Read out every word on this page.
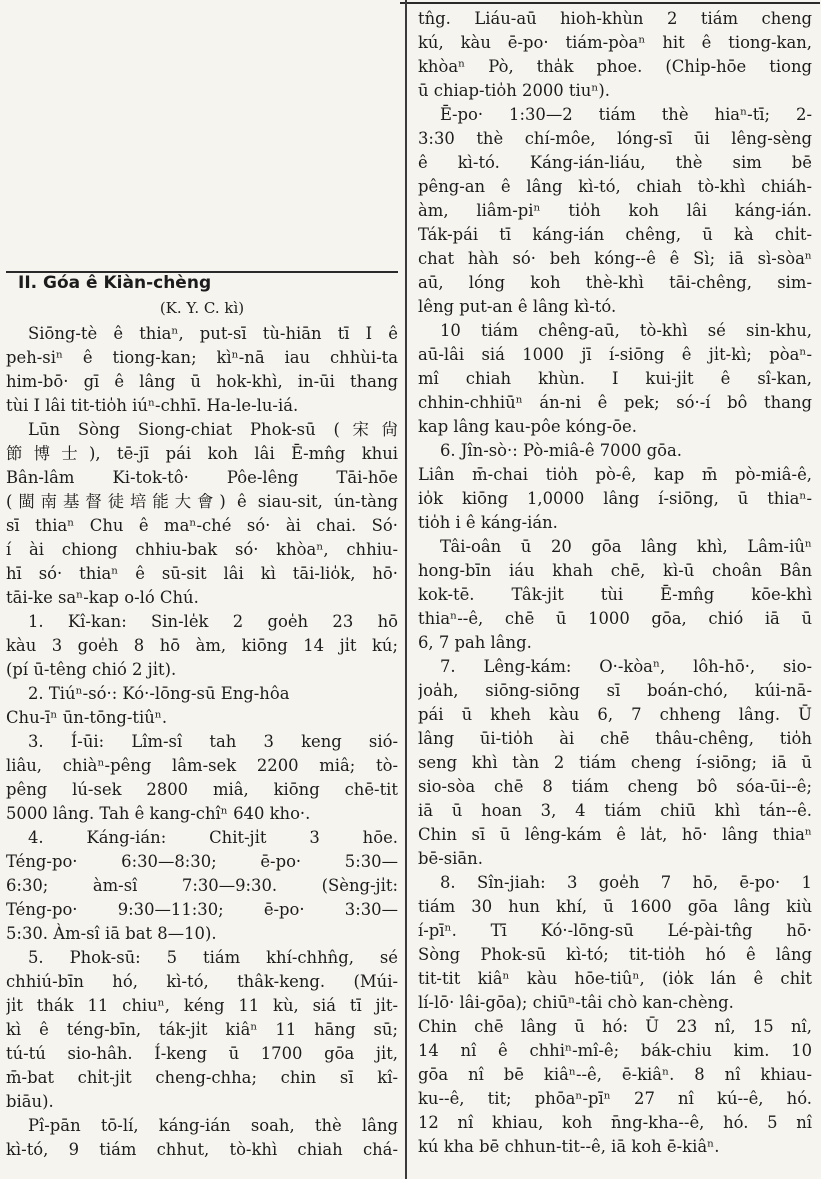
II. Góa ê Kiàn-chèng
(K. Y. C. kì)
Siōng-tè ê thiaⁿ, put-sī tù-hiān tī I ê
peh-siⁿ ê tiong-kan; kìⁿ-nā iau chhùi-ta
him-bō· gī ê lâng ū hok-khì, in-ūi thang
tùi I lâi tit-tio̍h iúⁿ-chhī. Ha-le-lu-iá.
Lūn Sòng Siong-chiat Phok-sū (宋尙
節博士), tē-jī pái koh lâi Ē-mn̂g khui
Bân-lâm Ki-tok-tô· Pôe-lêng Tāi-hōe
(閩南基督徒培能大會) ê siau-sit, ún-tàng
sī thiaⁿ Chu ê maⁿ-ché só· ài chai. Só·
í ài chiong chhiu-bak só· khòaⁿ, chhiu-
hī só· thiaⁿ ê sū-sit lâi kì tāi-lio̍k, hō·
tāi-ke saⁿ-kap o-ló Chú.
1. Kî-kan: Sin-le̍k 2 goe̍h 23 hō
kàu 3 goe̍h 8 hō àm, kiōng 14 ji̍t kú;
(pí ū-têng chió 2 ji̍t).
2. Tiúⁿ-só·: Kó·-lōng-sū Eng-hôa
Chu-īⁿ ūn-tōng-tiûⁿ.
3. Í-ūi: Lîm-sî tah 3 keng sió-
liâu, chiàⁿ-pêng lâm-sek 2200 miâ; tò-
pêng lú-sek 2800 miâ, kiōng chē-tit
5000 lâng. Tah ê kang-chîⁿ 640 kho·.
4. Káng-ián: Chit-ji̍t 3 hōe.
Téng-po· 6:30—8:30; ē-po· 5:30—
6:30; àm-sî 7:30—9:30. (Sèng-ji̍t:
Téng-po· 9:30—11:30; ē-po· 3:30—
5:30. Àm-sî iā bat 8—10).
5. Phok-sū: 5 tiám khí-chhn̂g, sé
chhiú-bīn hó, kì-tó, thâk-keng. (Múi-
ji̍t thák 11 chiuⁿ, kéng 11 kù, siá tī ji̍t-
kì ê téng-bīn, ták-ji̍t kiâⁿ 11 hāng sū;
tú-tú sio-hâh. Í-keng ū 1700 gōa ji̍t,
m̄-bat chi̍t-ji̍t cheng-chha; chin sī kî-
biāu).
Pî-pān tō-lí, káng-ián soah, thè lâng
kì-tó, 9 tiám chhut, tò-khì chiah chá-
tn̂g. Liáu-aū hioh-khùn 2 tiám cheng
kú, kàu ē-po· tiám-pòaⁿ hit ê tiong-kan,
khòaⁿ Pò, tha̍k phoe. (Chi̍p-hōe tiong
ū chiap-tio̍h 2000 tiuⁿ).
Ē-po· 1:30—2 tiám thè hiaⁿ-tī; 2-
3:30 thè chí-môe, lóng-sī ūi lêng-sèng
ê kì-tó. Káng-ián-liáu, thè sim bē
pêng-an ê lâng kì-tó, chiah tò-khì chiáh-
àm, liâm-piⁿ tio̍h koh lâi káng-ián.
Ták-pái tī káng-ián chêng, ū kà chi̍t-
chat hàh só· beh kóng--ê ê Sì; iā sì-sòaⁿ
aū, lóng koh thè-khì tāi-chêng, sim-
lêng put-an ê lâng kì-tó.
10 tiám chêng-aū, tò-khì sé sin-khu,
aū-lâi siá 1000 jī í-siōng ê ji̍t-kì; pòaⁿ-
mî chiah khùn. I kui-ji̍t ê sî-kan,
chhin-chhiūⁿ án-ni ê pek; só·-í bô thang
kap lâng kau-pôe kóng-ōe.
6. Jîn-sò·: Pò-miâ-ê 7000 gōa.
Liân m̄-chai tio̍h pò-ê, kap m̄ pò-miâ-ê,
io̍k kiōng 1,0000 lâng í-siōng, ū thiaⁿ-
tio̍h i ê káng-ián.
Tâi-oân ū 20 gōa lâng khì, Lâm-iûⁿ
hong-bīn iáu khah chē, kì-ū choân Bân
kok-tē. Tâk-ji̍t tùi Ē-mn̂g kōe-khì
thiaⁿ--ê, chē ū 1000 gōa, chió iā ū
6, 7 pah lâng.
7. Lêng-kám: O·-kòaⁿ, lôh-hō·, sio-
joa̍h, siōng-siōng sī boán-chó, kúi-nā-
pái ū kheh kàu 6, 7 chheng lâng. Ū
lâng ūi-tio̍h ài chē thâu-chêng, tio̍h
seng khì tàn 2 tiám cheng í-siōng; iā ū
sio-sòa chē 8 tiám cheng bô sóa-ūi--ê;
iā ū hoan 3, 4 tiám chiū khì tán--ê.
Chin sī ū lêng-kám ê la̍t, hō· lâng thiaⁿ
bē-siān.
8. Sîn-jiah: 3 goe̍h 7 hō, ē-po· 1
tiám 30 hun khí, ū 1600 gōa lâng kiù
í-pīⁿ. Tī Kó·-lōng-sū Lé-pài-tn̂g hō·
Sòng Phok-sū kì-tó; tit-tio̍h hó ê lâng
tit-tit kiâⁿ kàu hōe-tiûⁿ, (io̍k lán ê chi̍t
lí-lō· lâi-gōa); chiūⁿ-tâi chò kan-chèng.
Chin chē lâng ū hó: Ū 23 nî, 15 nî,
14 nî ê chhiⁿ-mî-ê; bák-chiu kim. 10
gōa nî bē kiâⁿ--ê, ē-kiâⁿ. 8 nî khiau-
ku--ê, tit; phōaⁿ-pīⁿ 27 nî kú--ê, hó.
12 nî khiau, koh n̄ng-kha--ê, hó. 5 nî
kú kha bē chhun-tit--ê, iā koh ē-kiâⁿ.
